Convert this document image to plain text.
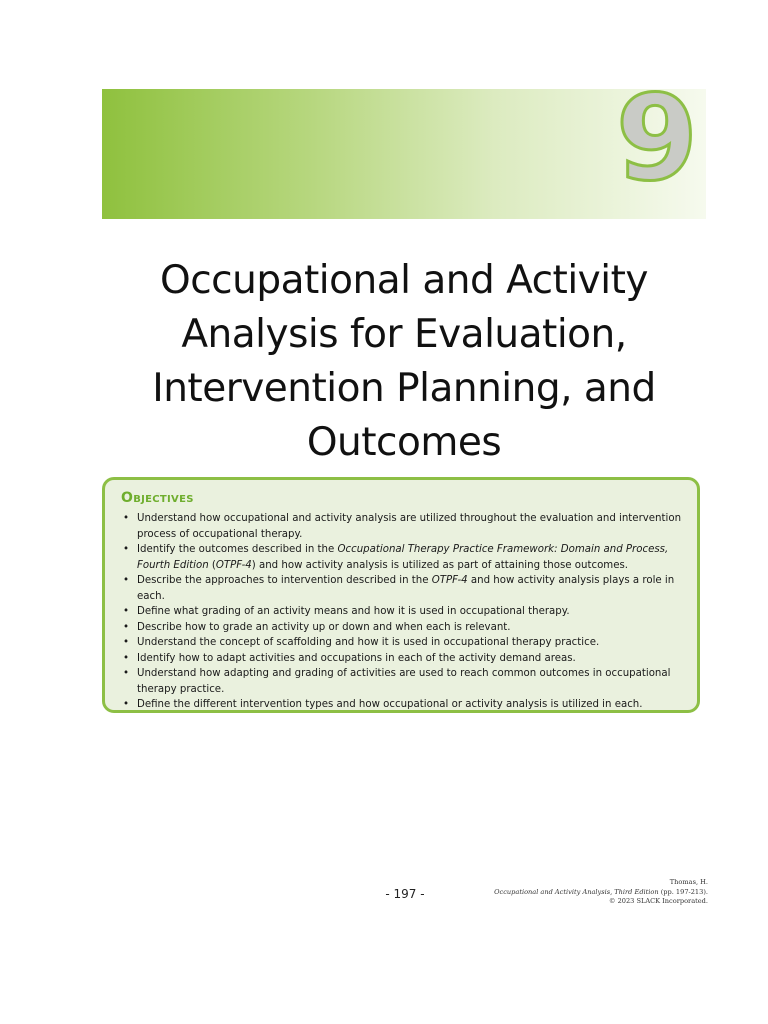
9
Occupational and Activity Analysis for Evaluation, Intervention Planning, and Outcomes
Objectives
• Understand how occupational and activity analysis are utilized throughout the evaluation and intervention process of occupational therapy.
• Identify the outcomes described in the Occupational Therapy Practice Framework: Domain and Process, Fourth Edition (OTPF-4) and how activity analysis is utilized as part of attaining those outcomes.
• Describe the approaches to intervention described in the OTPF-4 and how activity analysis plays a role in each.
• Define what grading of an activity means and how it is used in occupational therapy.
• Describe how to grade an activity up or down and when each is relevant.
• Understand the concept of scaffolding and how it is used in occupational therapy practice.
• Identify how to adapt activities and occupations in each of the activity demand areas.
• Understand how adapting and grading of activities are used to reach common outcomes in occupational therapy practice.
• Define the different intervention types and how occupational or activity analysis is utilized in each.
- 197 -
Thomas, H.
Occupational and Activity Analysis, Third Edition (pp. 197-213).
© 2023 SLACK Incorporated.
